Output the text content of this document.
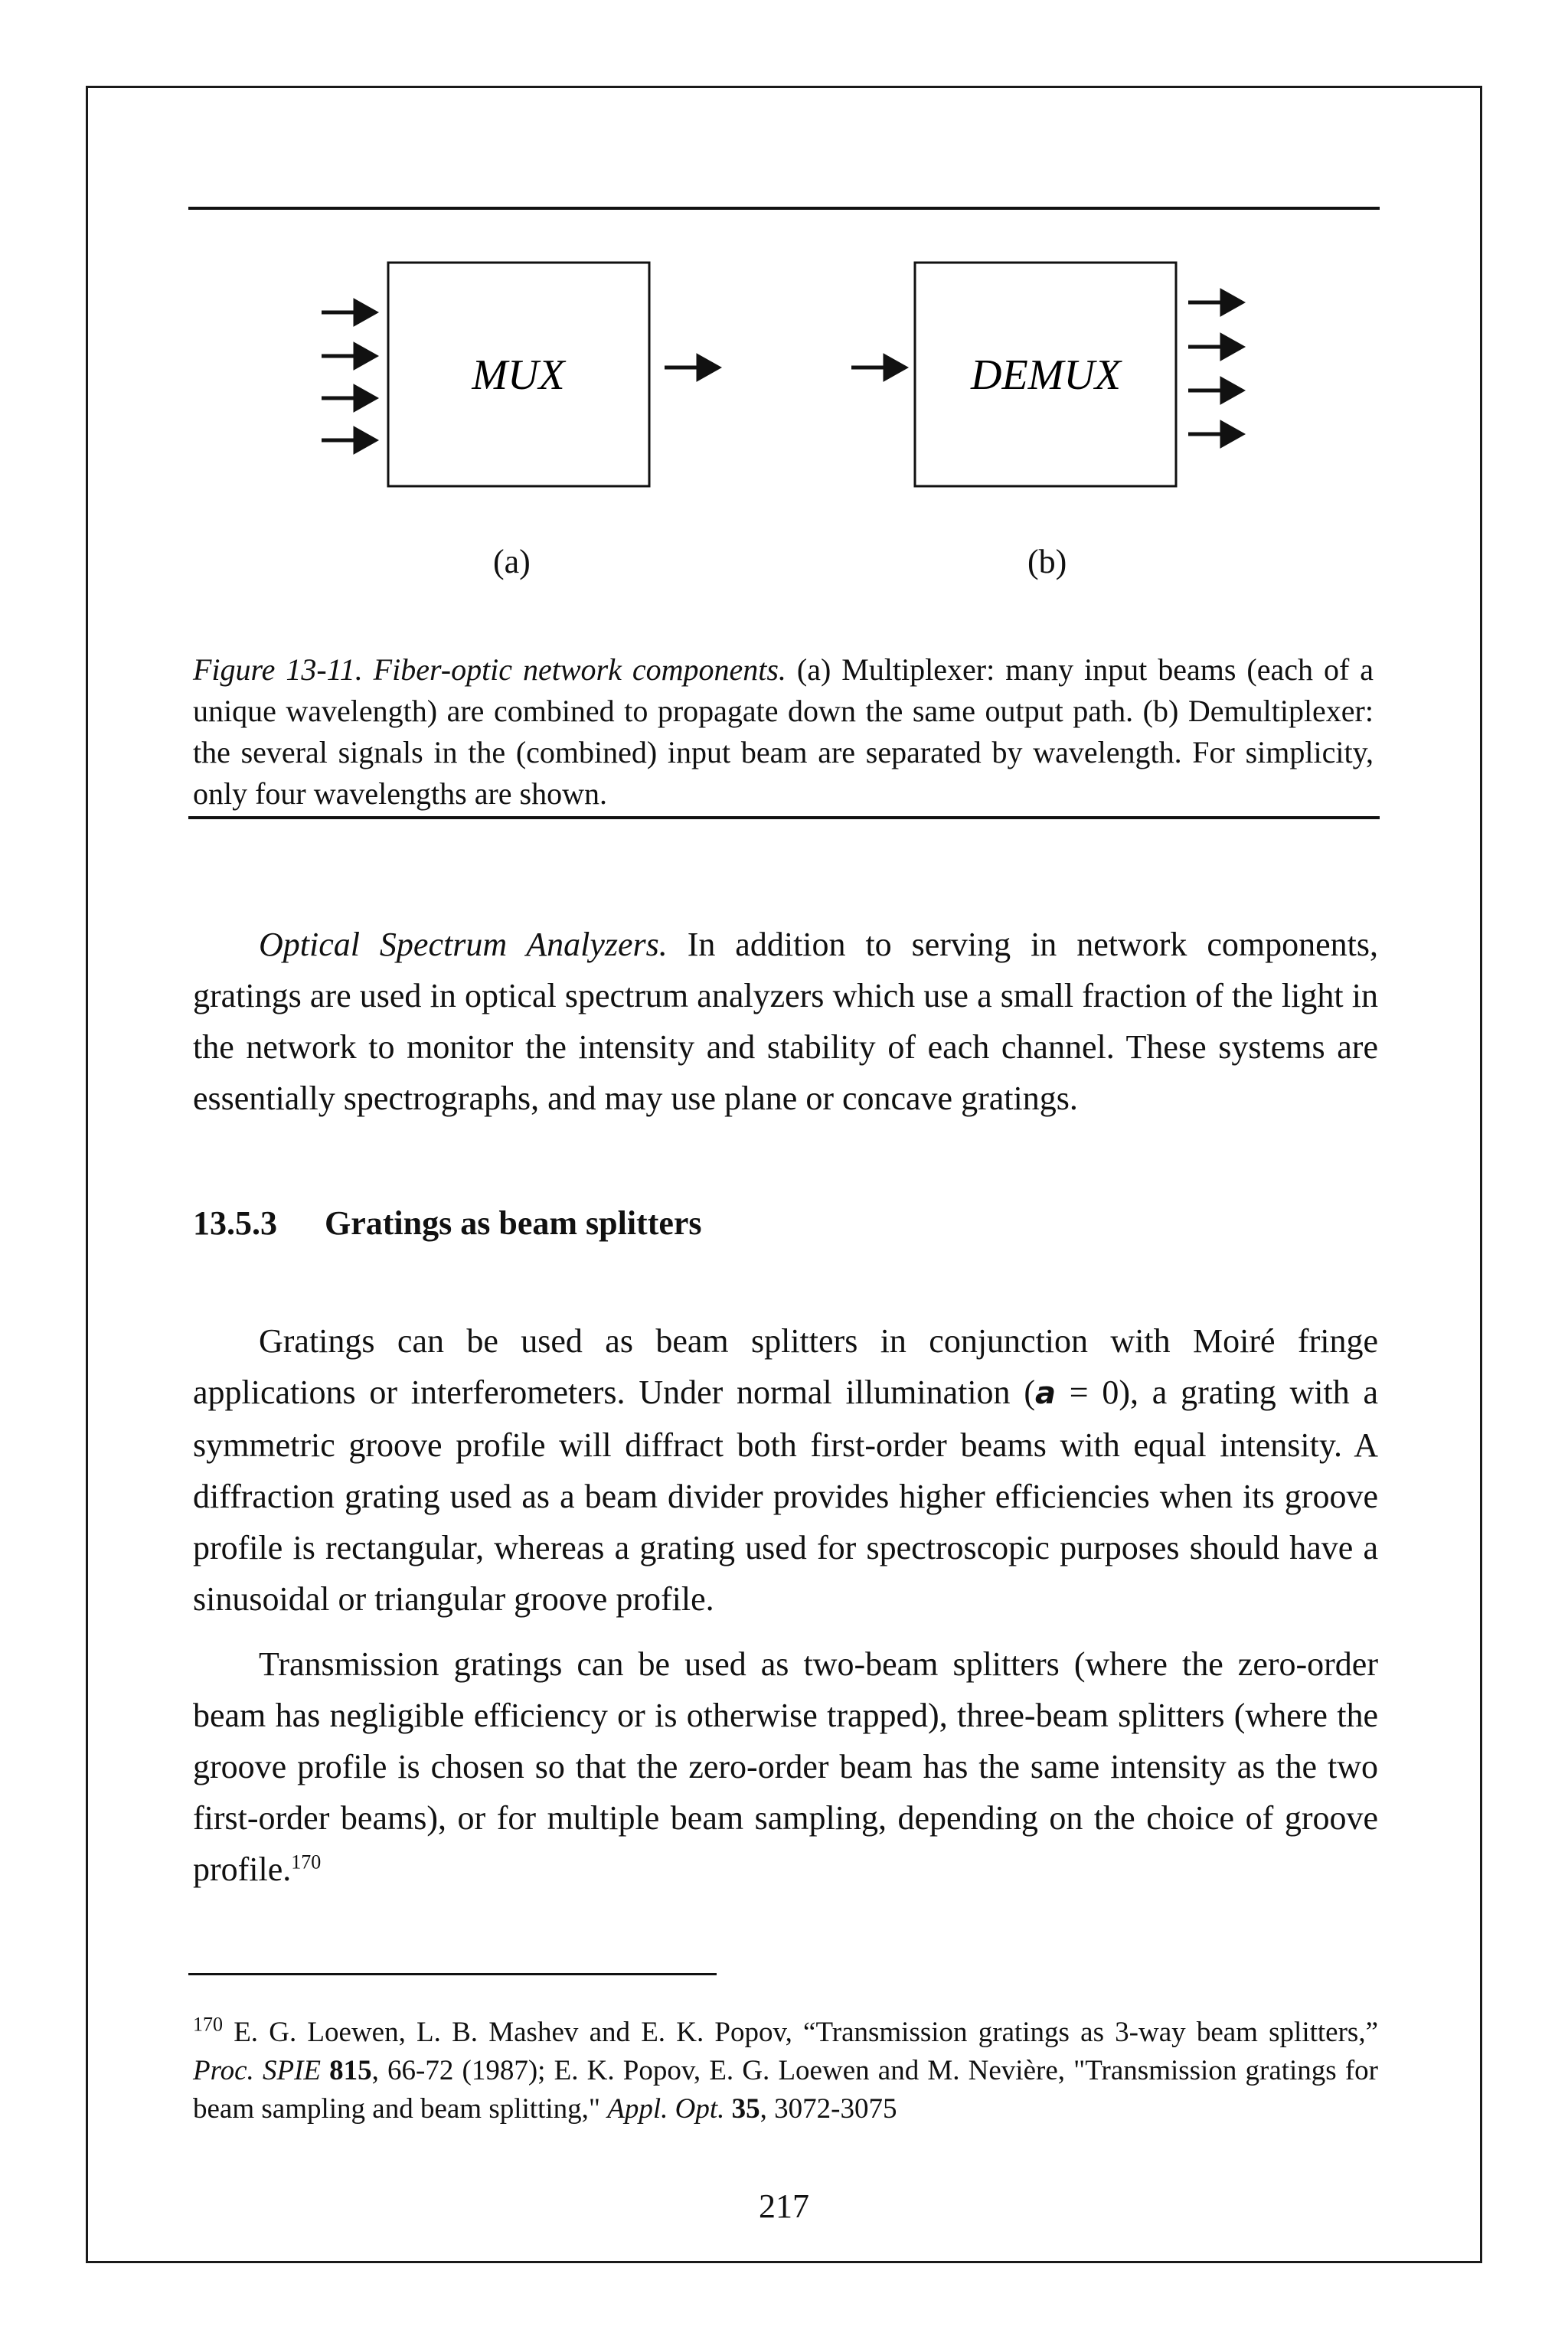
MUX	DEMUX
(a)	(b)

Figure 13-11. Fiber-optic network components. (a) Multiplexer: many input beams (each of a unique wavelength) are combined to propagate down the same output path. (b) Demultiplexer: the several signals in the (combined) input beam are separated by wavelength. For simplicity, only four wavelengths are shown.

Optical Spectrum Analyzers. In addition to serving in network components, gratings are used in optical spectrum analyzers which use a small fraction of the light in the network to monitor the intensity and stability of each channel. These systems are essentially spectrographs, and may use plane or concave gratings.

13.5.3 Gratings as beam splitters

Gratings can be used as beam splitters in conjunction with Moiré fringe applications or interferometers. Under normal illumination (a = 0), a grating with a symmetric groove profile will diffract both first-order beams with equal intensity. A diffraction grating used as a beam divider provides higher efficiencies when its groove profile is rectangular, whereas a grating used for spectroscopic purposes should have a sinusoidal or triangular groove profile.

Transmission gratings can be used as two-beam splitters (where the zero-order beam has negligible efficiency or is otherwise trapped), three-beam splitters (where the groove profile is chosen so that the zero-order beam has the same intensity as the two first-order beams), or for multiple beam sampling, depending on the choice of groove profile.$^{170}$

$^{170}$ E. G. Loewen, L. B. Mashev and E. K. Popov, “Transmission gratings as 3-way beam splitters,” Proc. SPIE 815, 66-72 (1987); E. K. Popov, E. G. Loewen and M. Nevière, "Transmission gratings for beam sampling and beam splitting," Appl. Opt. 35, 3072-3075

217
